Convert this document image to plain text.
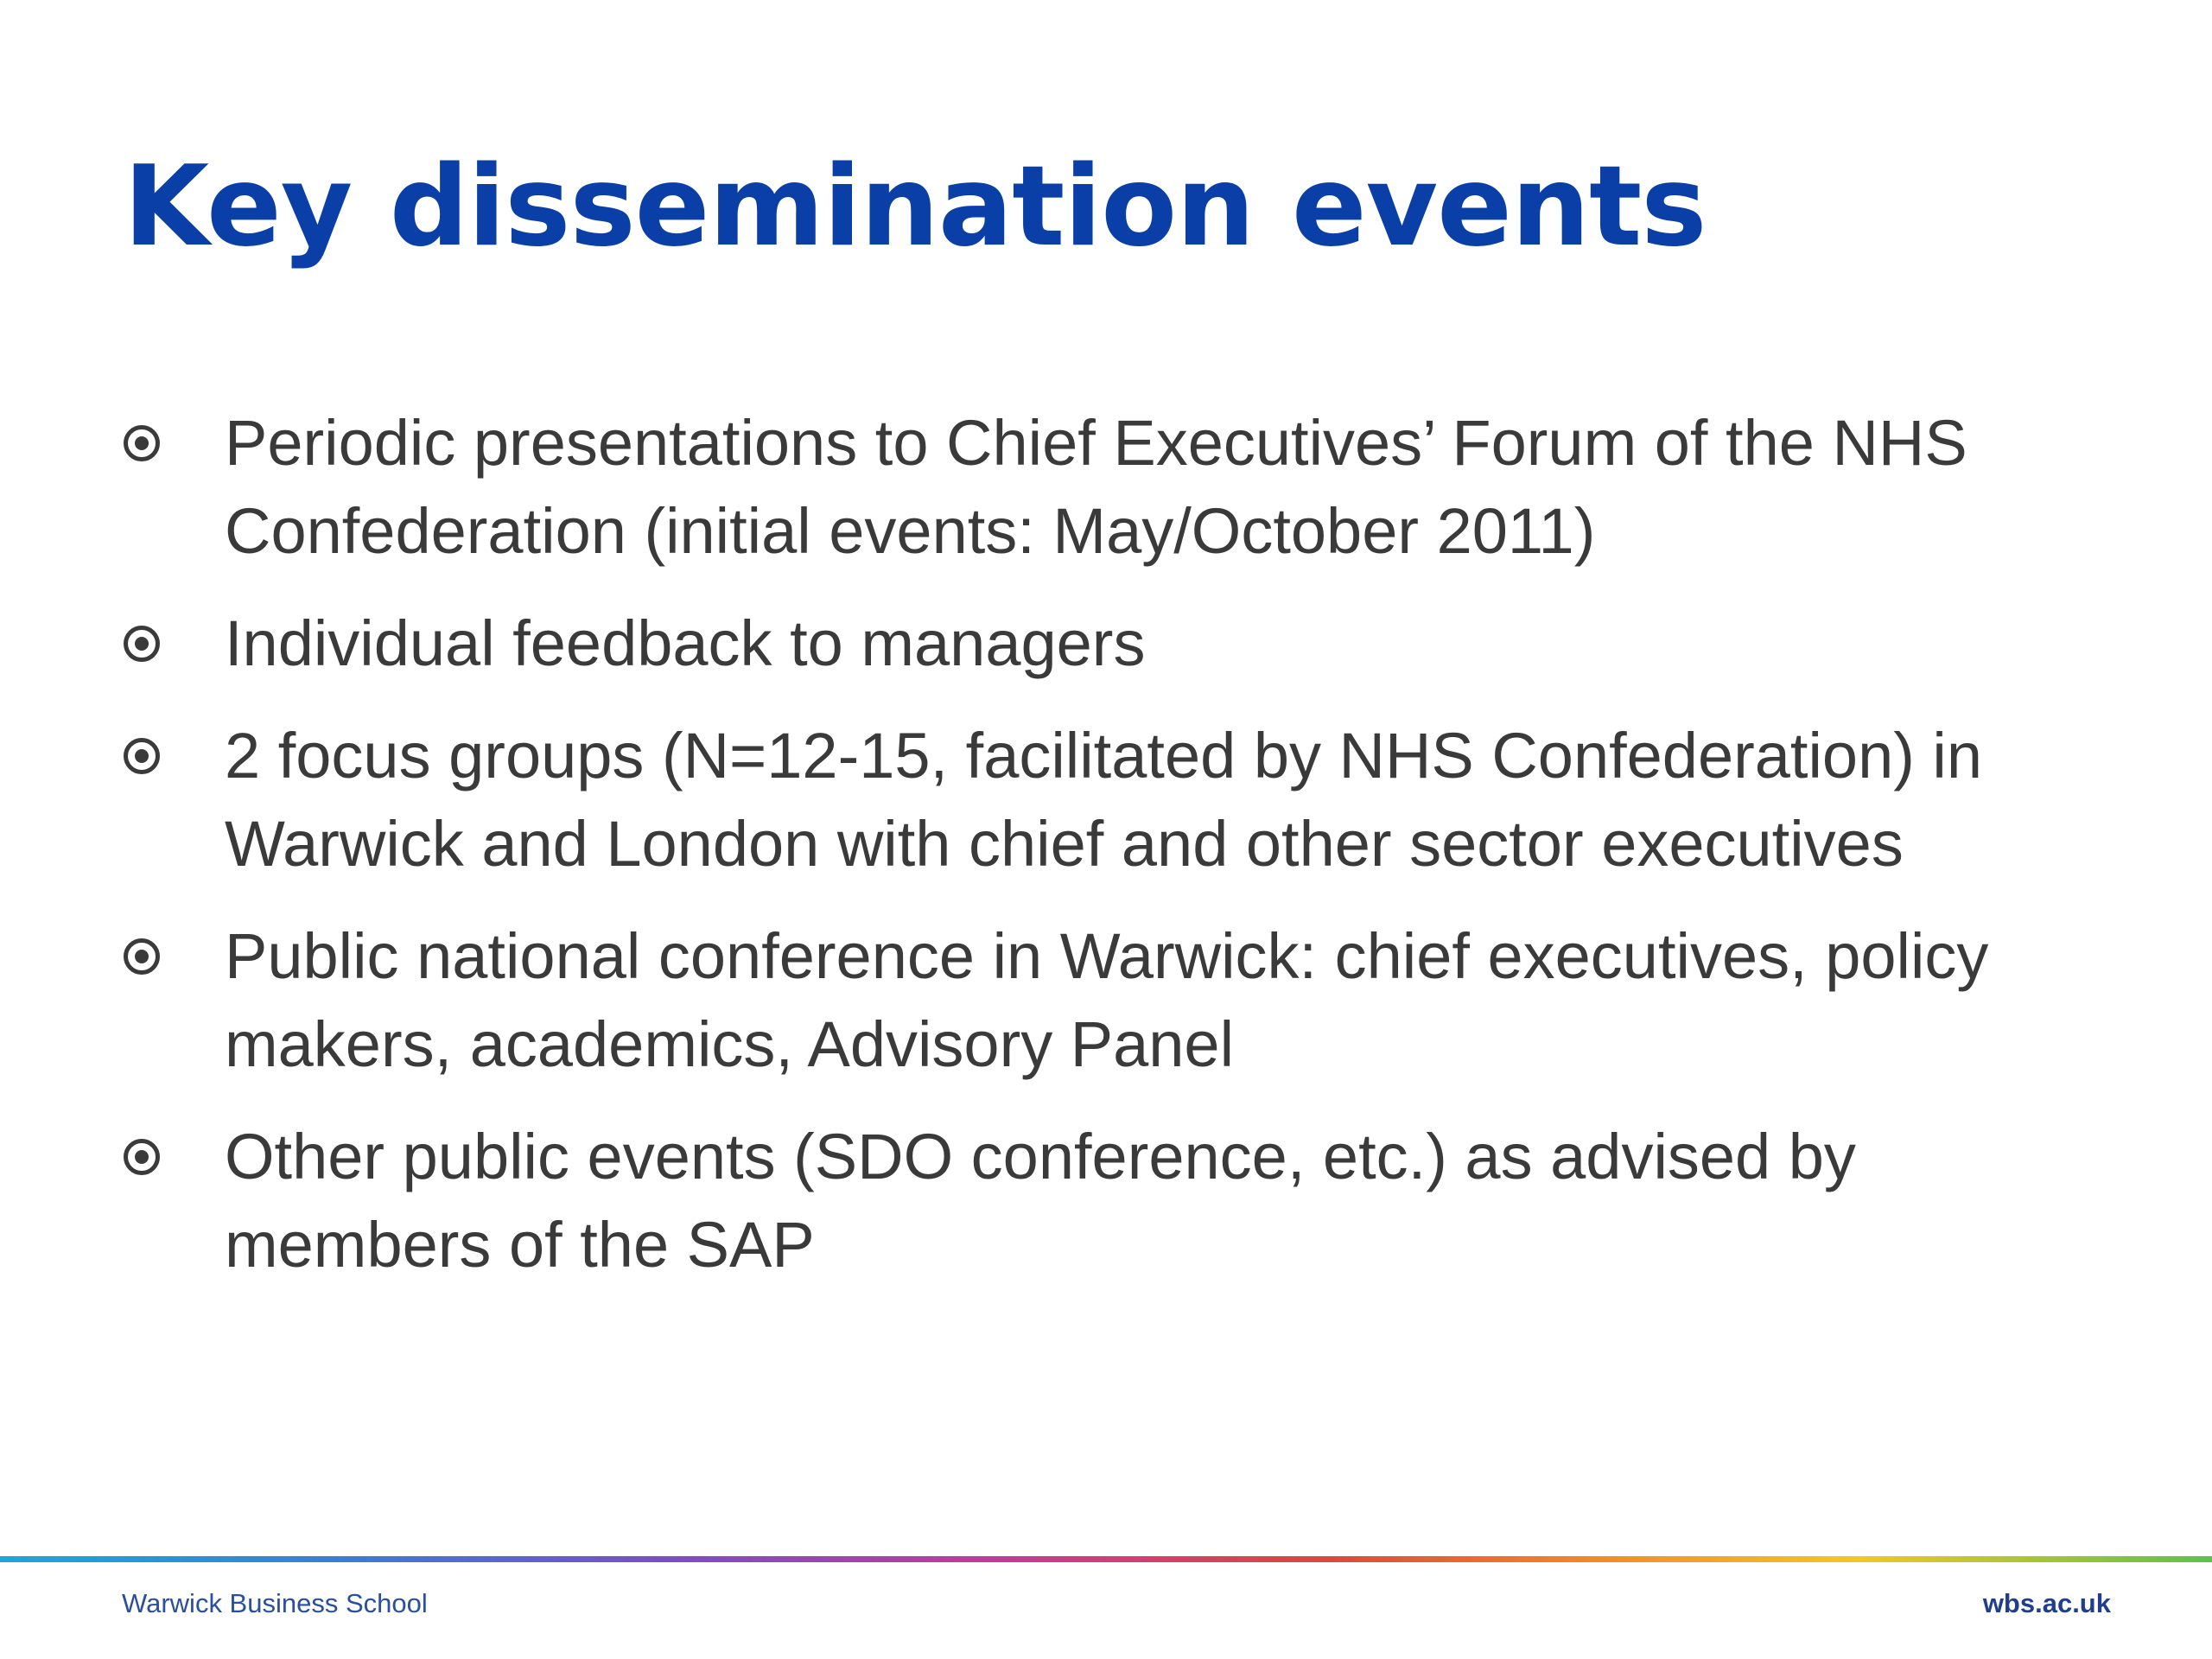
Key dissemination events
Periodic presentations to Chief Executives’ Forum of the NHS Confederation (initial events: May/October 2011)
Individual feedback to managers
2 focus groups (N=12-15, facilitated by NHS Confederation) in Warwick and London with chief and other sector executives
Public national conference in Warwick: chief executives, policy makers, academics, Advisory Panel
Other public events (SDO conference, etc.) as advised by members of the SAP
Warwick Business School	wbs.ac.uk
